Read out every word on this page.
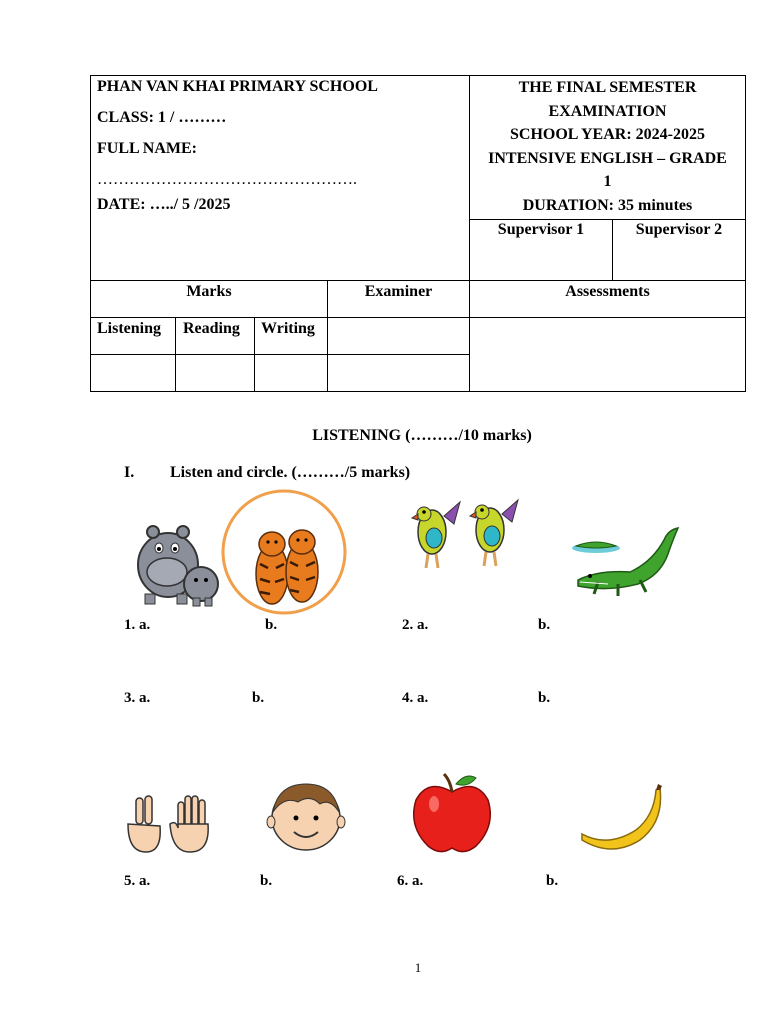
PHAN VAN KHAI PRIMARY SCHOOL
CLASS: 1 / ………
FULL NAME:
………………………………………….
DATE: …../ 5 /2025
THE FINAL SEMESTER
EXAMINATION
SCHOOL YEAR: 2024-2025
INTENSIVE ENGLISH – GRADE
1
DURATION: 35 minutes
Supervisor 1	Supervisor 2
Marks	Examiner	Assessments
Listening Reading Writing
LISTENING (………/10 marks)
I. Listen and circle. (………/5 marks)
1. a.	b.	2. a.	b.
3. a.	b.	4. a.	b.
5. a.	b.	6. a.	b.
1
